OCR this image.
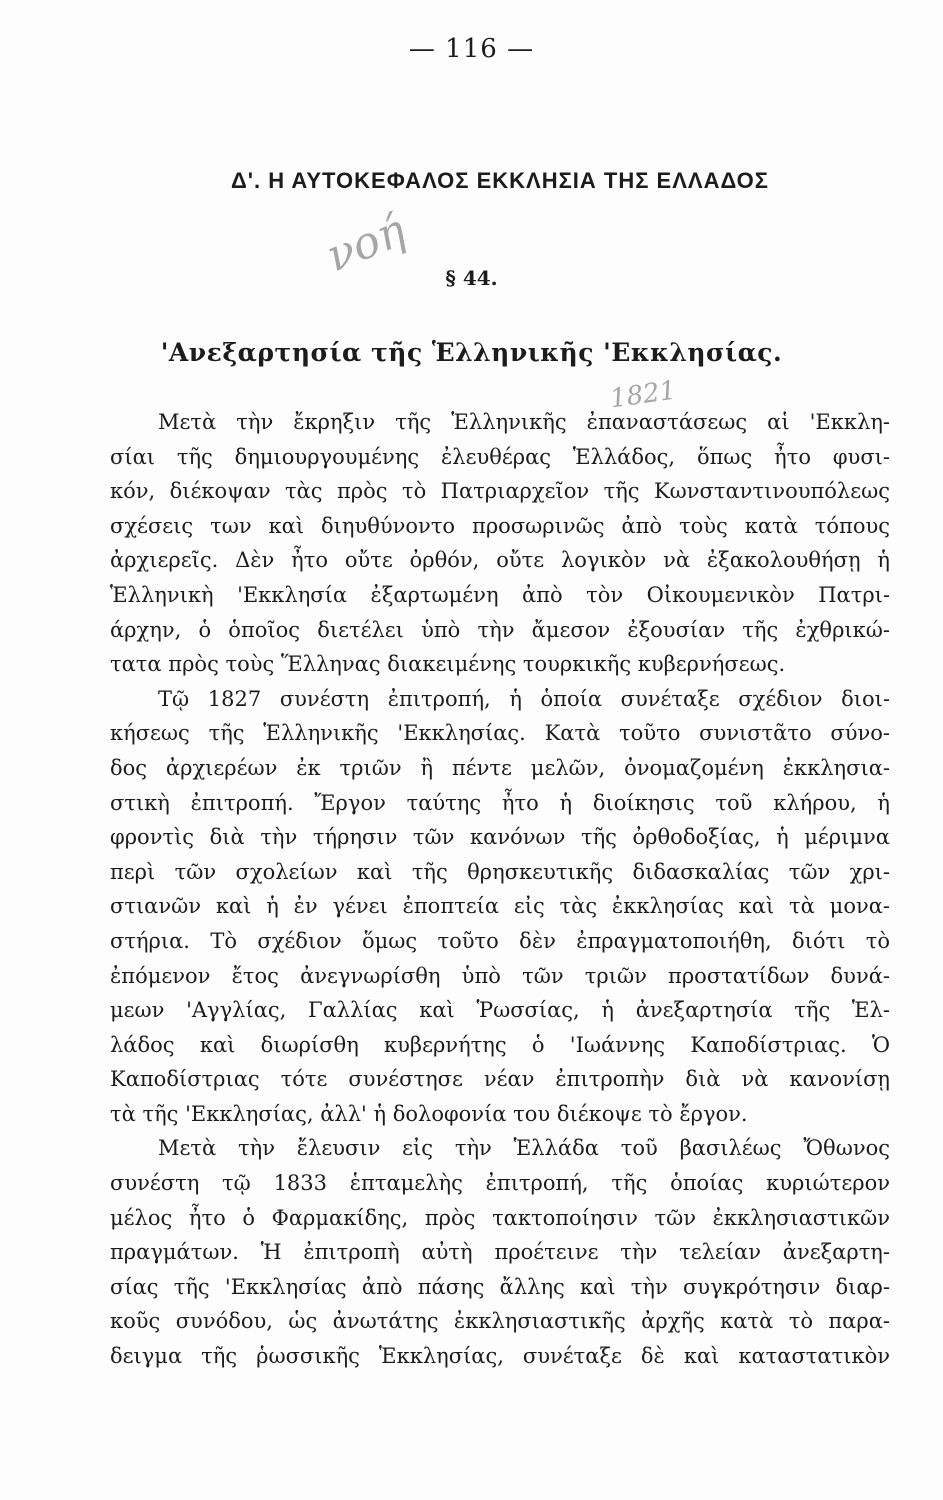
— 116 —
Δ'. Η ΑΥΤΟΚΕΦΑΛΟΣ ΕΚΚΛΗΣΙΑ ΤΗΣ ΕΛΛΑΔΟΣ
νοή	§ 44.
'Ανεξαρτησία τῆς Ἑλληνικῆς 'Εκκλησίας.
1821
Μετὰ τὴν ἔκρηξιν τῆς Ἑλληνικῆς ἐπαναστάσεως αἱ 'Εκκλη-
σίαι τῆς δημιουργουμένης ἐλευθέρας Ἑλλάδος, ὅπως ἦτο φυσι-
κόν, διέκοψαν τὰς πρὸς τὸ Πατριαρχεῖον τῆς Κωνσταντινουπόλεως
σχέσεις των καὶ διηυθύνοντο προσωρινῶς ἀπὸ τοὺς κατὰ τόπους
ἀρχιερεῖς. Δὲν ἦτο οὔτε ὀρθόν, οὔτε λογικὸν νὰ ἐξακολουθήσῃ ἡ
Ἑλληνικὴ 'Εκκλησία ἐξαρτωμένη ἀπὸ τὸν Οἰκουμενικὸν Πατρι-
άρχην, ὁ ὁποῖος διετέλει ὑπὸ τὴν ἄμεσον ἐξουσίαν τῆς ἐχθρικώ-
τατα πρὸς τοὺς Ἕλληνας διακειμένης τουρκικῆς κυβερνήσεως.
Τῷ 1827 συνέστη ἐπιτροπή, ἡ ὁποία συνέταξε σχέδιον διοι-
κήσεως τῆς Ἑλληνικῆς 'Εκκλησίας. Κατὰ τοῦτο συνιστᾶτο σύνο-
δος ἀρχιερέων ἐκ τριῶν ἢ πέντε μελῶν, ὀνομαζομένη ἐκκλησια-
στικὴ ἐπιτροπή. Ἔργον ταύτης ἦτο ἡ διοίκησις τοῦ κλήρου, ἡ
φροντὶς διὰ τὴν τήρησιν τῶν κανόνων τῆς ὀρθοδοξίας, ἡ μέριμνα
περὶ τῶν σχολείων καὶ τῆς θρησκευτικῆς διδασκαλίας τῶν χρι-
στιανῶν καὶ ἡ ἐν γένει ἐποπτεία εἰς τὰς ἐκκλησίας καὶ τὰ μονα-
στήρια. Τὸ σχέδιον ὅμως τοῦτο δὲν ἐπραγματοποιήθη, διότι τὸ
ἐπόμενον ἔτος ἀνεγνωρίσθη ὑπὸ τῶν τριῶν προστατίδων δυνά-
μεων 'Αγγλίας, Γαλλίας καὶ Ῥωσσίας, ἡ ἀνεξαρτησία τῆς Ἑλ-
λάδος καὶ διωρίσθη κυβερνήτης ὁ 'Ιωάννης Καποδίστριας. Ὁ
Καποδίστριας τότε συνέστησε νέαν ἐπιτροπὴν διὰ νὰ κανονίσῃ
τὰ τῆς 'Εκκλησίας, ἀλλ' ἡ δολοφονία του διέκοψε τὸ ἔργον.
Μετὰ τὴν ἔλευσιν εἰς τὴν Ἑλλάδα τοῦ βασιλέως Ὄθωνος
συνέστη τῷ 1833 ἑπταμελὴς ἐπιτροπή, τῆς ὁποίας κυριώτερον
μέλος ἦτο ὁ Φαρμακίδης, πρὸς τακτοποίησιν τῶν ἐκκλησιαστικῶν
πραγμάτων. Ἡ ἐπιτροπὴ αὐτὴ προέτεινε τὴν τελείαν ἀνεξαρτη-
σίας τῆς 'Εκκλησίας ἀπὸ πάσης ἄλλης καὶ τὴν συγκρότησιν διαρ-
κοῦς συνόδου, ὡς ἀνωτάτης ἐκκλησιαστικῆς ἀρχῆς κατὰ τὸ παρα-
δειγμα τῆς ῥωσσικῆς Ἑκκλησίας, συνέταξε δὲ καὶ καταστατικὸν
